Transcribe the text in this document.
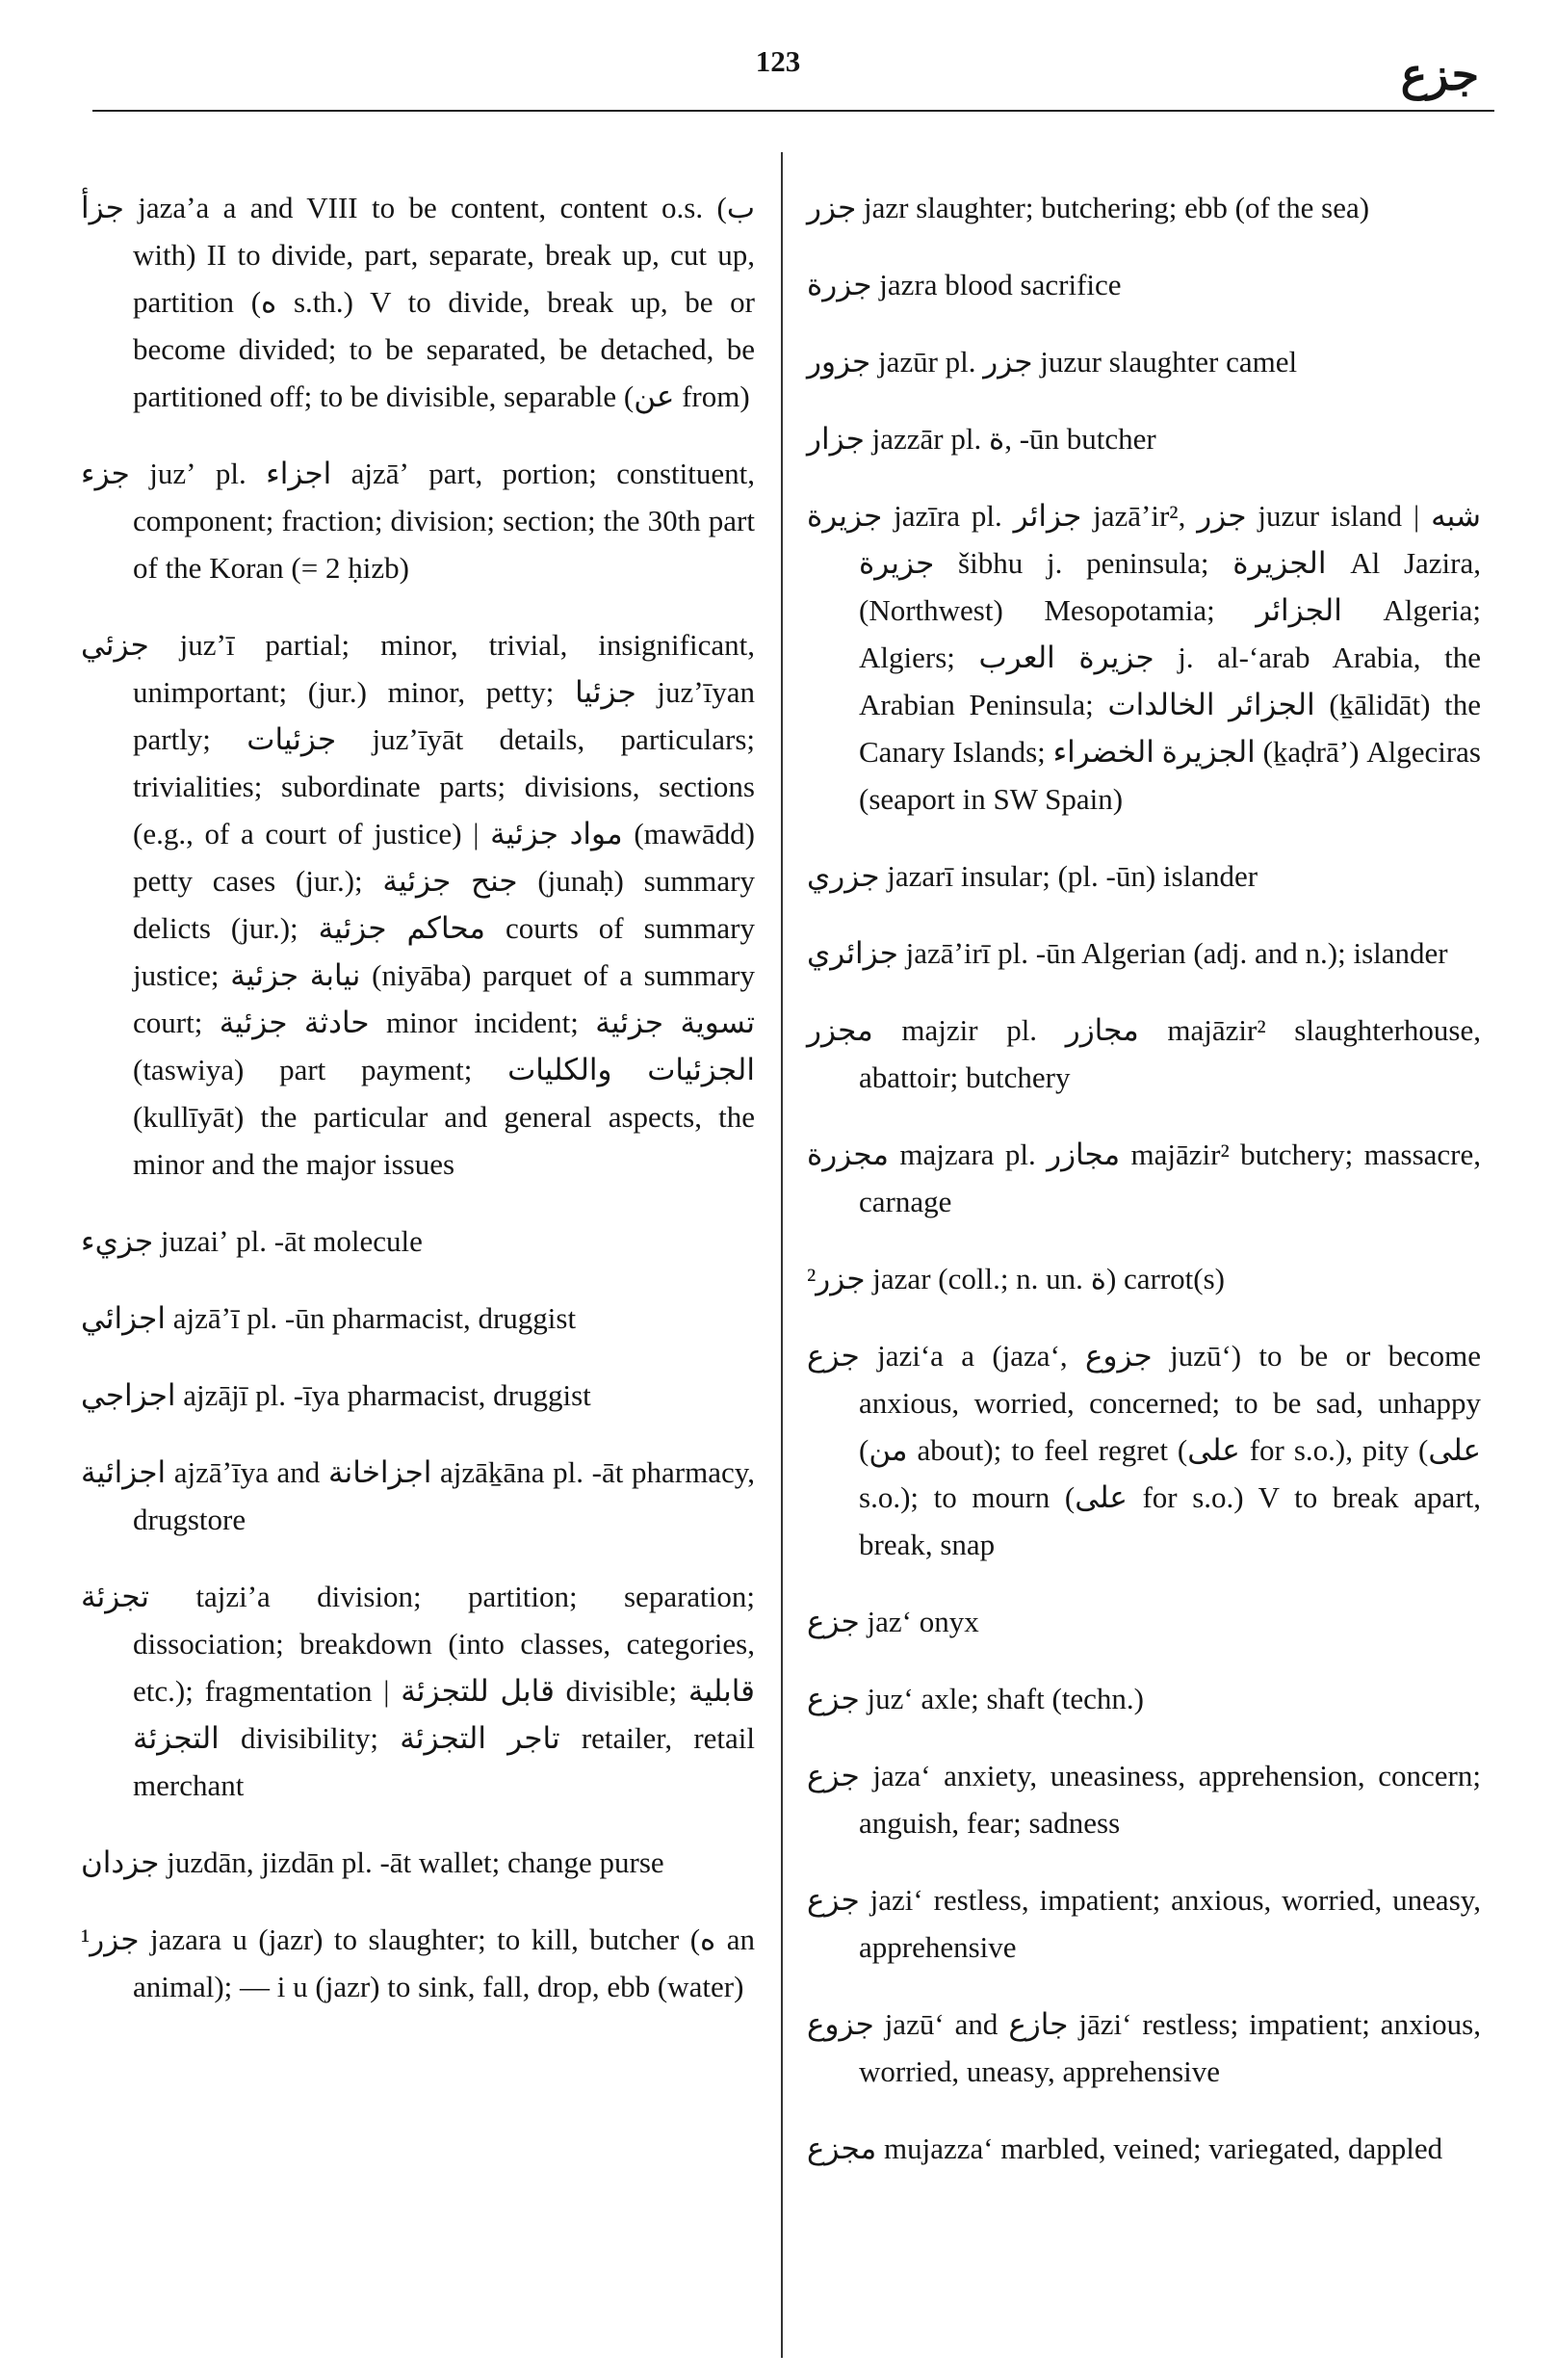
123	جزع

جزأ jazaʼa a and VIII to be content, content o.s. (ب with) II to divide, part, separate, break up, cut up, partition (ه s.th.) V to divide, break up, be or become divided; to be separated, be detached, be partitioned off; to be divisible, separable (عن from)

جزء juzʼ pl. اجزاء ajzāʼ part, portion; constituent, component; fraction; division; section; the 30th part of the Koran (= 2 ḥizb)

جزئي juzʼī partial; minor, trivial, insignificant, unimportant; (jur.) minor, petty; جزئيا juzʼīyan partly; جزئيات juzʼīyāt details, particulars; trivialities; subordinate parts; divisions, sections (e.g., of a court of justice) | مواد جزئية (mawādd) petty cases (jur.); جنح جزئية (junaḥ) summary delicts (jur.); محاكم جزئية courts of summary justice; نيابة جزئية (niyāba) parquet of a summary court; حادثة جزئية minor incident; تسوية جزئية (taswiya) part payment; الجزئيات والكليات (kullīyāt) the particular and general aspects, the minor and the major issues

جزيء juzaiʼ pl. -āt molecule

اجزائي ajzāʼī pl. -ūn pharmacist, druggist

اجزاجي ajzājī pl. -īya pharmacist, druggist

اجزائية ajzāʼīya and اجزاخانة ajzāḵāna pl. -āt pharmacy, drugstore

تجزئة tajziʼa division; partition; separation; dissociation; breakdown (into classes, categories, etc.); fragmentation | قابل للتجزئة divisible; قابلية التجزئة divisibility; تاجر التجزئة retailer, retail merchant

جزدان juzdān, jizdān pl. -āt wallet; change purse

¹جزر jazara u (jazr) to slaughter; to kill, butcher (ه an animal); — i u (jazr) to sink, fall, drop, ebb (water)

جزر jazr slaughter; butchering; ebb (of the sea)

جزرة jazra blood sacrifice

جزور jazūr pl. جزر juzur slaughter camel

جزار jazzār pl. ة, -ūn butcher

جزيرة jazīra pl. جزائر jazāʼir², جزر juzur island | شبه جزيرة šibhu j. peninsula; الجزيرة Al Jazira, (Northwest) Mesopotamia; الجزائر Algeria; Algiers; جزيرة العرب j. al-ʻarab Arabia, the Arabian Peninsula; الجزائر الخالدات (ḵālidāt) the Canary Islands; الجزيرة الخضراء (ḵaḍrāʼ) Algeciras (seaport in SW Spain)

جزري jazarī insular; (pl. -ūn) islander

جزائري jazāʼirī pl. -ūn Algerian (adj. and n.); islander

مجزر majzir pl. مجازر majāzir² slaughterhouse, abattoir; butchery

مجزرة majzara pl. مجازر majāzir² butchery; massacre, carnage

²جزر jazar (coll.; n. un. ة) carrot(s)

جزع jaziʻa a (jazaʻ, جزوع juzūʻ) to be or become anxious, worried, concerned; to be sad, unhappy (من about); to feel regret (على for s.o.), pity (على s.o.); to mourn (على for s.o.) V to break apart, break, snap

جزع jazʻ onyx

جزع juzʻ axle; shaft (techn.)

جزع jazaʻ anxiety, uneasiness, apprehension, concern; anguish, fear; sadness

جزع jaziʻ restless, impatient; anxious, worried, uneasy, apprehensive

جزوع jazūʻ and جازع jāziʻ restless; impatient; anxious, worried, uneasy, apprehensive

مجزع mujazzaʻ marbled, veined; variegated, dappled
